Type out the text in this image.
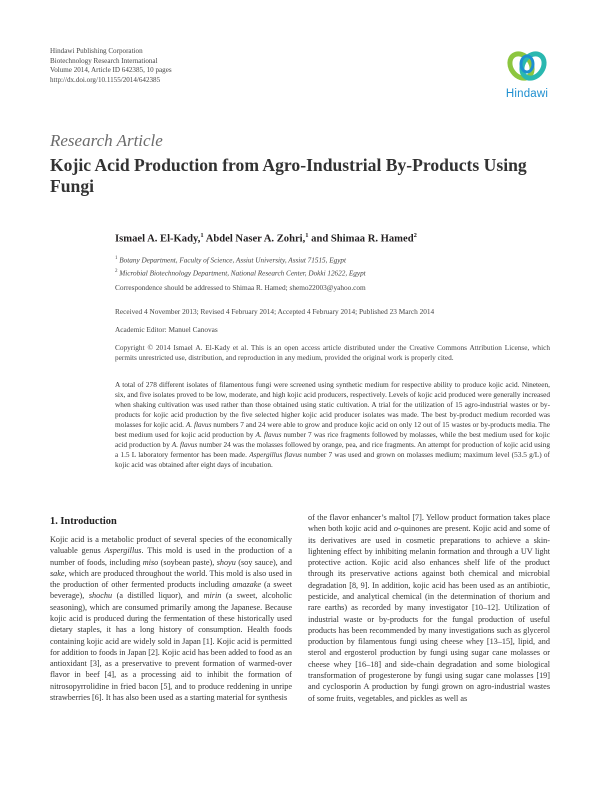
Hindawi Publishing Corporation
Biotechnology Research International
Volume 2014, Article ID 642385, 10 pages
http://dx.doi.org/10.1155/2014/642385
Hindawi
Research Article
Kojic Acid Production from Agro-Industrial By-Products Using Fungi
Ismael A. El-Kady,$^1$ Abdel Naser A. Zohri,$^1$ and Shimaa R. Hamed$^2$
$^1$ Botany Department, Faculty of Science, Assiut University, Assiut 71515, Egypt
$^2$ Microbial Biotechnology Department, National Research Center, Dokki 12622, Egypt
Correspondence should be addressed to Shimaa R. Hamed; shemo22003@yahoo.com
Received 4 November 2013; Revised 4 February 2014; Accepted 4 February 2014; Published 23 March 2014
Academic Editor: Manuel Canovas
Copyright © 2014 Ismael A. El-Kady et al. This is an open access article distributed under the Creative Commons Attribution License, which permits unrestricted use, distribution, and reproduction in any medium, provided the original work is properly cited.
A total of 278 different isolates of filamentous fungi were screened using synthetic medium for respective ability to produce kojic acid. Nineteen, six, and five isolates proved to be low, moderate, and high kojic acid producers, respectively. Levels of kojic acid produced were generally increased when shaking cultivation was used rather than those obtained using static cultivation. A trial for the utilization of 15 agro-industrial wastes or by-products for kojic acid production by the five selected higher kojic acid producer isolates was made. The best by-product medium recorded was molasses for kojic acid. A. flavus numbers 7 and 24 were able to grow and produce kojic acid on only 12 out of 15 wastes or by-products media. The best medium used for kojic acid production by A. flavus number 7 was rice fragments followed by molasses, while the best medium used for kojic acid production by A. flavus number 24 was the molasses followed by orange, pea, and rice fragments. An attempt for production of kojic acid using a 1.5 L laboratory fermentor has been made. Aspergillus flavus number 7 was used and grown on molasses medium; maximum level (53.5 g/L) of kojic acid was obtained after eight days of incubation.
1. Introduction

Kojic acid is a metabolic product of several species of the economically valuable genus Aspergillus. This mold is used in the production of a number of foods, including miso (soybean paste), shoyu (soy sauce), and sake, which are produced throughout the world. This mold is also used in the production of other fermented products including amazake (a sweet beverage), shochu (a distilled liquor), and mirin (a sweet, alcoholic seasoning), which are consumed primarily among the Japanese. Because kojic acid is produced during the fermentation of these historically used dietary staples, it has a long history of consumption. Health foods containing kojic acid are widely sold in Japan [1]. Kojic acid is permitted for addition to foods in Japan [2]. Kojic acid has been added to food as an antioxidant [3], as a preservative to prevent formation of warmed-over flavor in beef [4], as a processing aid to inhibit the formation of nitrosopyrrolidine in fried bacon [5], and to produce reddening in unripe strawberries [6]. It has also been used as a starting material for synthesis

of the flavor enhancer’s maltol [7]. Yellow product formation takes place when both kojic acid and o-quinones are present. Kojic acid and some of its derivatives are used in cosmetic preparations to achieve a skin-lightening effect by inhibiting melanin formation and through a UV light protective action. Kojic acid also enhances shelf life of the product through its preservative actions against both chemical and microbial degradation [8, 9]. In addition, kojic acid has been used as an antibiotic, pesticide, and analytical chemical (in the determination of thorium and rare earths) as recorded by many investigator [10–12]. Utilization of industrial waste or by-products for the fungal production of useful products has been recommended by many investigations such as glycerol production by filamentous fungi using cheese whey [13–15], lipid, and sterol and ergosterol production by fungi using sugar cane molasses or cheese whey [16–18] and side-chain degradation and some biological transformation of progesterone by fungi using sugar cane molasses [19] and cyclosporin A production by fungi grown on agro-industrial wastes of some fruits, vegetables, and pickles as well as
